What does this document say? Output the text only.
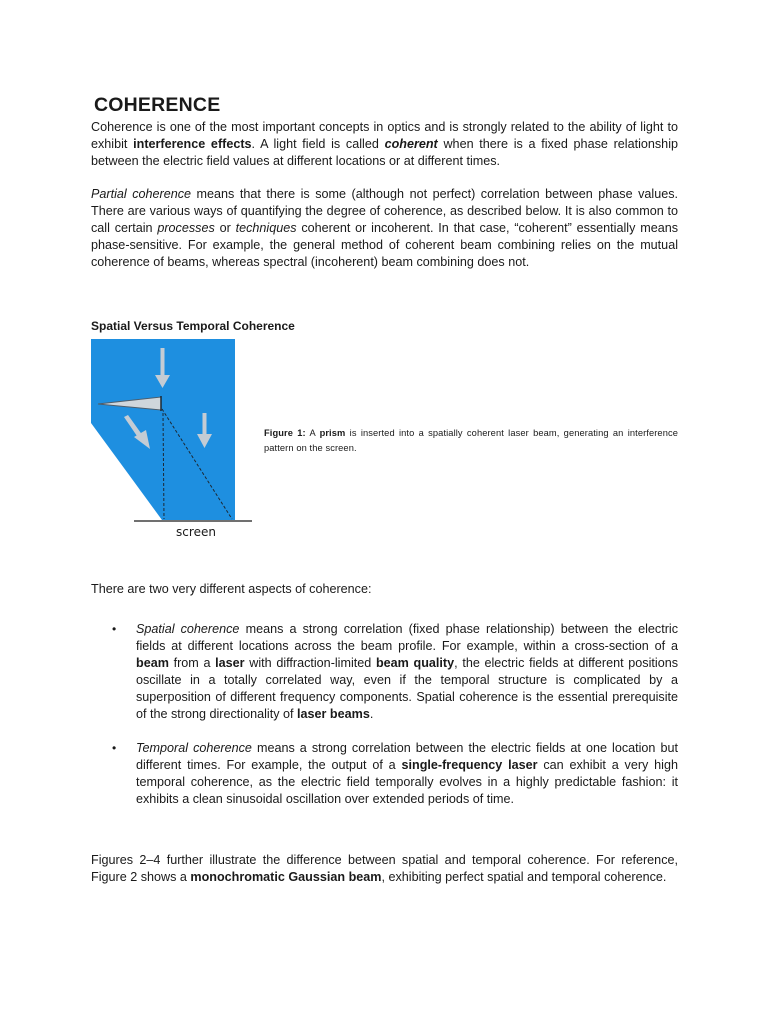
COHERENCE

Coherence is one of the most important concepts in optics and is strongly related to the ability of light to exhibit interference effects. A light field is called coherent when there is a fixed phase relationship between the electric field values at different locations or at different times.

Partial coherence means that there is some (although not perfect) correlation between phase values. There are various ways of quantifying the degree of coherence, as described below. It is also common to call certain processes or techniques coherent or incoherent. In that case, “coherent” essentially means phase-sensitive. For example, the general method of coherent beam combining relies on the mutual coherence of beams, whereas spectral (incoherent) beam combining does not.

Spatial Versus Temporal Coherence
screen

Figure 1: A prism is inserted into a spatially coherent laser beam, generating an interference pattern on the screen.

There are two very different aspects of coherence:

• Spatial coherence means a strong correlation (fixed phase relationship) between the electric fields at different locations across the beam profile. For example, within a cross-section of a beam from a laser with diffraction-limited beam quality, the electric fields at different positions oscillate in a totally correlated way, even if the temporal structure is complicated by a superposition of different frequency components. Spatial coherence is the essential prerequisite of the strong directionality of laser beams.

• Temporal coherence means a strong correlation between the electric fields at one location but different times. For example, the output of a single-frequency laser can exhibit a very high temporal coherence, as the electric field temporally evolves in a highly predictable fashion: it exhibits a clean sinusoidal oscillation over extended periods of time.

Figures 2–4 further illustrate the difference between spatial and temporal coherence. For reference, Figure 2 shows a monochromatic Gaussian beam, exhibiting perfect spatial and temporal coherence.
